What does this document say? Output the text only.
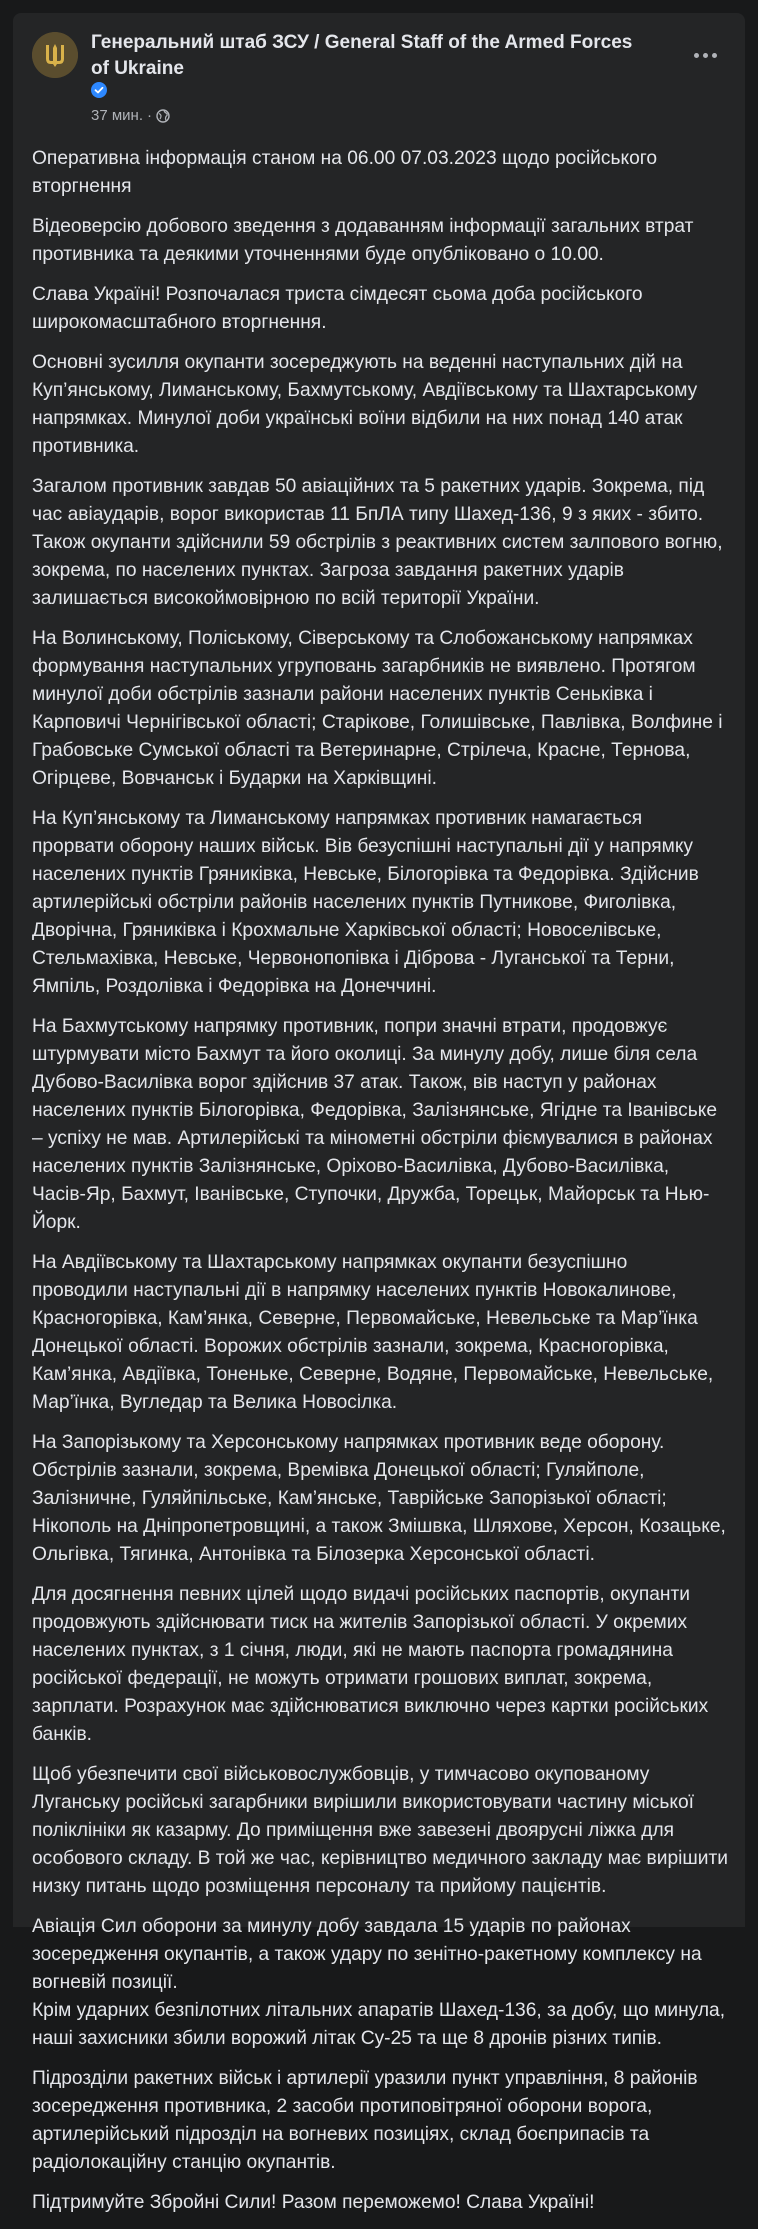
Генеральний штаб ЗСУ / General Staff of the Armed Forces of Ukraine
37 мин. ·

Оперативна інформація станом на 06.00 07.03.2023 щодо російського вторгнення

Відеоверсію добового зведення з додаванням інформації загальних втрат противника та деякими уточненнями буде опубліковано о 10.00.

Слава Україні! Розпочалася триста сімдесят сьома доба російського широкомасштабного вторгнення.

Основні зусилля окупанти зосереджують на веденні наступальних дій на Куп’янському, Лиманському, Бахмутському, Авдіївському та Шахтарському напрямках. Минулої доби українські воїни відбили на них понад 140 атак противника.

Загалом противник завдав 50 авіаційних та 5 ракетних ударів. Зокрема, під час авіаударів, ворог використав 11 БпЛА типу Шахед-136, 9 з яких - збито. Також окупанти здійснили 59 обстрілів з реактивних систем залпового вогню, зокрема, по населених пунктах. Загроза завдання ракетних ударів залишається високоймовірною по всій території України.

На Волинському, Поліському, Сіверському та Слобожанському напрямках формування наступальних угруповань загарбників не виявлено. Протягом минулої доби обстрілів зазнали райони населених пунктів Сеньківка і Карповичі Чернігівської області; Старікове, Голишівське, Павлівка, Волфине і Грабовське Сумської області та Ветеринарне, Стрілеча, Красне, Тернова, Огірцеве, Вовчанськ і Бударки на Харківщині.

На Куп’янському та Лиманському напрямках противник намагається прорвати оборону наших військ. Вів безуспішні наступальні дії у напрямку населених пунктів Гряниківка, Невське, Білогорівка та Федорівка. Здійснив артилерійські обстріли районів населених пунктів Путникове, Фиголівка, Дворічна, Гряниківка і Крохмальне Харківської області; Новоселівське, Стельмахівка, Невське, Червонопопівка і Діброва - Луганської та Терни, Ямпіль, Роздолівка і Федорівка на Донеччині.

На Бахмутському напрямку противник, попри значні втрати, продовжує штурмувати місто Бахмут та його околиці. За минулу добу, лише біля села Дубово-Василівка ворог здійснив 37 атак. Також, вів наступ у районах населених пунктів Білогорівка, Федорівка, Залізнянське, Ягідне та Іванівське – успіху не мав. Артилерійські та мінометні обстріли фіємувалися в районах населених пунктів Залізнянське, Оріхово-Василівка, Дубово-Василівка, Часів-Яр, Бахмут, Іванівське, Ступочки, Дружба, Торецьк, Майорськ та Нью-Йорк.

На Авдіївському та Шахтарському напрямках окупанти безуспішно проводили наступальні дії в напрямку населених пунктів Новокалинове, Красногорівка, Кам’янка, Северне, Первомайське, Невельське та Мар’їнка Донецької області. Ворожих обстрілів зазнали, зокрема, Красногорівка, Кам’янка, Авдіївка, Тоненьке, Северне, Водяне, Первомайське, Невельське, Мар’їнка, Вугледар та Велика Новосілка.

На Запорізькому та Херсонському напрямках противник веде оборону. Обстрілів зазнали, зокрема, Времівка Донецької області; Гуляйполе, Залізничне, Гуляйпільське, Кам’янське, Таврійське Запорізької області; Нікополь на Дніпропетровщині, а також Змішвка, Шляхове, Херсон, Козацьке, Ольгівка, Тягинка, Антонівка та Білозерка Херсонської області.

Для досягнення певних цілей щодо видачі російських паспортів, окупанти продовжують здійснювати тиск на жителів Запорізької області. У окремих населених пунктах, з 1 січня, люди, які не мають паспорта громадянина російської федерації, не можуть отримати грошових виплат, зокрема, зарплати. Розрахунок має здійснюватися виключно через картки російських банків.

Щоб убезпечити свої військовослужбовців, у тимчасово окупованому Луганську російські загарбники вирішили використовувати частину міської поліклініки як казарму. До приміщення вже завезені двоярусні ліжка для особового складу. В той же час, керівництво медичного закладу має вирішити низку питань щодо розміщення персоналу та прийому пацієнтів.

Авіація Сил оборони за минулу добу завдала 15 ударів по районах зосередження окупантів, а також удару по зенітно-ракетному комплексу на вогневій позиції.
Крім ударних безпілотних літальних апаратів Шахед-136, за добу, що минула, наші захисники збили ворожий літак Су-25 та ще 8 дронів різних типів.

Підрозділи ракетних військ і артилерії уразили пункт управління, 8 районів зосередження противника, 2 засоби протиповітряної оборони ворога, артилерійський підрозділ на вогневих позиціях, склад боєприпасів та радіолокаційну станцію окупантів.

Підтримуйте Збройні Сили! Разом переможемо! Слава Україні!
